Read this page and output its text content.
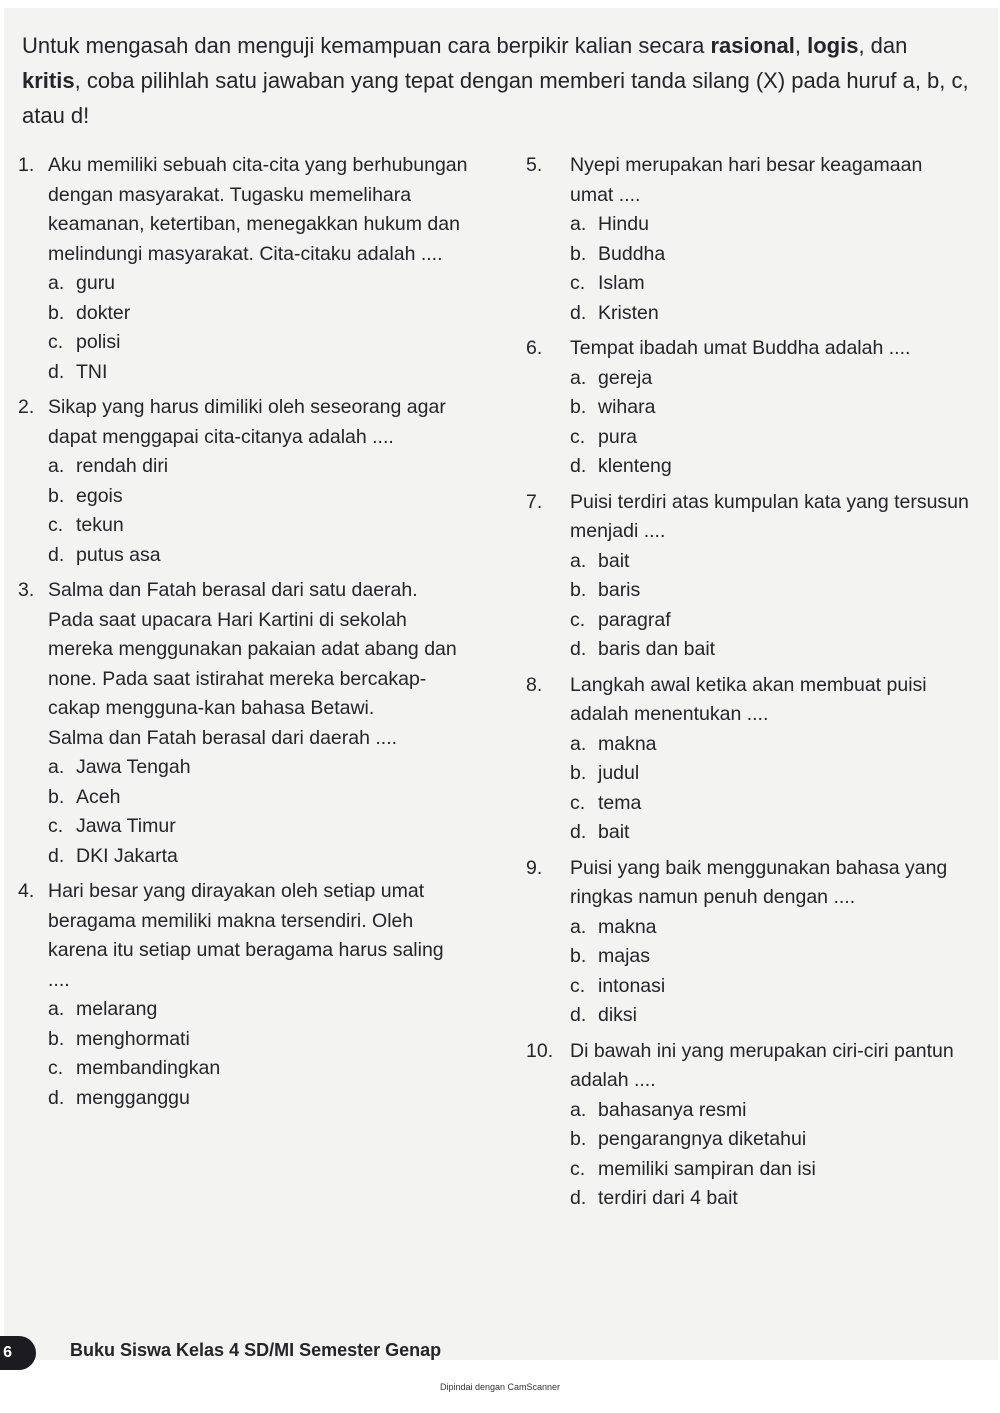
Untuk mengasah dan menguji kemampuan cara berpikir kalian secara rasional, logis, dan kritis, coba pilihlah satu jawaban yang tepat dengan memberi tanda silang (X) pada huruf a, b, c, atau d!
1. Aku memiliki sebuah cita-cita yang berhubungan dengan masyarakat. Tugasku memelihara keamanan, ketertiban, menegakkan hukum dan melindungi masyarakat. Cita-citaku adalah ....
a. guru
b. dokter
c. polisi
d. TNI
2. Sikap yang harus dimiliki oleh seseorang agar dapat menggapai cita-citanya adalah ....
a. rendah diri
b. egois
c. tekun
d. putus asa
3. Salma dan Fatah berasal dari satu daerah. Pada saat upacara Hari Kartini di sekolah mereka menggunakan pakaian adat abang dan none. Pada saat istirahat mereka bercakap-cakap mengguna-kan bahasa Betawi.
Salma dan Fatah berasal dari daerah ....
a. Jawa Tengah
b. Aceh
c. Jawa Timur
d. DKI Jakarta
4. Hari besar yang dirayakan oleh setiap umat beragama memiliki makna tersendiri. Oleh karena itu setiap umat beragama harus saling ....
a. melarang
b. menghormati
c. membandingkan
d. mengganggu
5.	Nyepi merupakan hari besar keagamaan umat ....
a. Hindu
b. Buddha
c. Islam
d. Kristen
6.	Tempat ibadah umat Buddha adalah ....
a. gereja
b. wihara
c. pura
d. klenteng
7.	Puisi terdiri atas kumpulan kata yang tersusun menjadi ....
a. bait
b. baris
c. paragraf
d. baris dan bait
8.	Langkah awal ketika akan membuat puisi adalah menentukan ....
a. makna
b. judul
c. tema
d. bait
9.	Puisi yang baik menggunakan bahasa yang ringkas namun penuh dengan ....
a. makna
b. majas
c. intonasi
d. diksi
10. Di bawah ini yang merupakan ciri-ciri pantun adalah ....
a. bahasanya resmi
b. pengarangnya diketahui
c. memiliki sampiran dan isi
d. terdiri dari 4 bait
6	Buku Siswa Kelas 4 SD/MI Semester Genap
Dipindai dengan CamScanner
